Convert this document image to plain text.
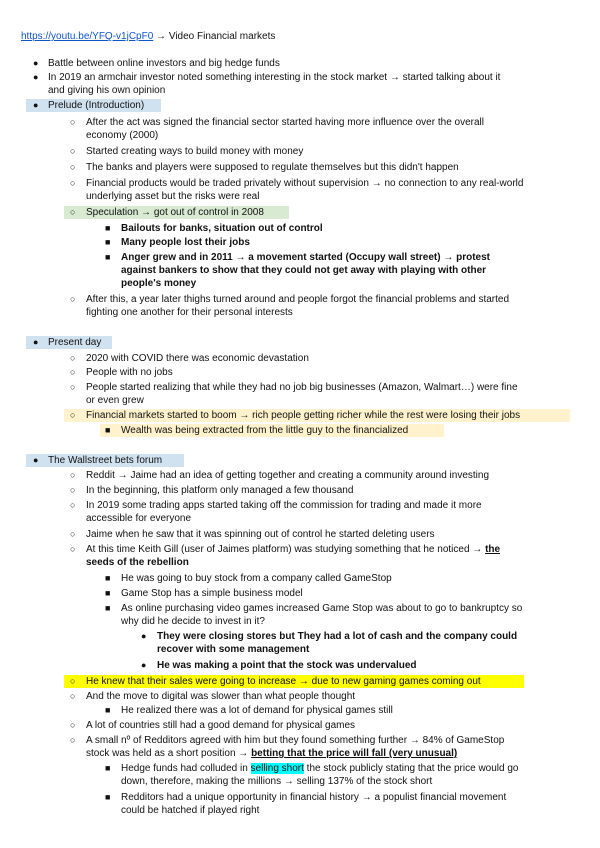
https://youtu.be/YFQ-v1jCpF0 → Video Financial markets
● Battle between online investors and big hedge funds
● In 2019 an armchair investor noted something interesting in the stock market → started talking about it
and giving his own opinion
● Prelude (Introduction)
○ After the act was signed the financial sector started having more influence over the overall
economy (2000)
○ Started creating ways to build money with money
○ The banks and players were supposed to regulate themselves but this didn't happen
○ Financial products would be traded privately without supervision → no connection to any real-world
underlying asset but the risks were real
○ Speculation → got out of control in 2008
■ Bailouts for banks, situation out of control
■ Many people lost their jobs
■ Anger grew and in 2011 → a movement started (Occupy wall street) → protest
against bankers to show that they could not get away with playing with other
people's money
○ After this, a year later thighs turned around and people forgot the financial problems and started
fighting one another for their personal interests
● Present day
○ 2020 with COVID there was economic devastation
○ People with no jobs
○ People started realizing that while they had no job big businesses (Amazon, Walmart…) were fine
or even grew
○ Financial markets started to boom → rich people getting richer while the rest were losing their jobs
■ Wealth was being extracted from the little guy to the financialized
● The Wallstreet bets forum
○ Reddit → Jaime had an idea of getting together and creating a community around investing
○ In the beginning, this platform only managed a few thousand
○ In 2019 some trading apps started taking off the commission for trading and made it more
accessible for everyone
○ Jaime when he saw that it was spinning out of control he started deleting users
○ At this time Keith Gill (user of Jaimes platform) was studying something that he noticed → the
seeds of the rebellion
■ He was going to buy stock from a company called GameStop
■ Game Stop has a simple business model
■ As online purchasing video games increased Game Stop was about to go to bankruptcy so
why did he decide to invest in it?
● They were closing stores but They had a lot of cash and the company could
recover with some management
● He was making a point that the stock was undervalued
○ He knew that their sales were going to increase → due to new gaming games coming out
○ And the move to digital was slower than what people thought
■ He realized there was a lot of demand for physical games still
○ A lot of countries still had a good demand for physical games
○ A small nº of Redditors agreed with him but they found something further → 84% of GameStop
stock was held as a short position → betting that the price will fall (very unusual)
■ Hedge funds had colluded in selling short the stock publicly stating that the price would go
down, therefore, making the millions → selling 137% of the stock short
■ Redditors had a unique opportunity in financial history → a populist financial movement
could be hatched if played right
